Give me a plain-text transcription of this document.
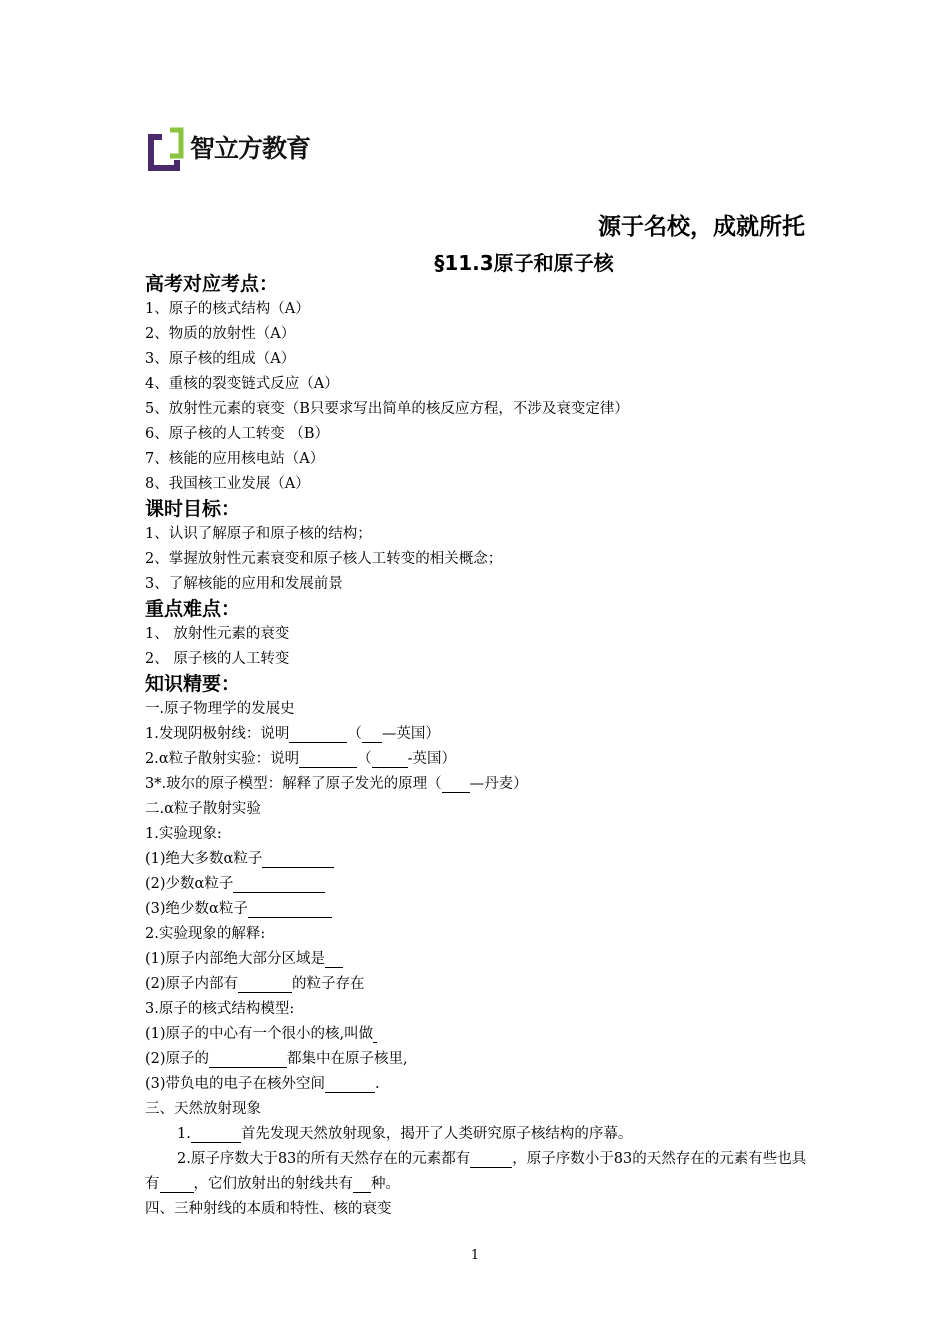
智立方教育
源于名校，成就所托
§11.3原子和原子核
高考对应考点：
1、原子的核式结构（A）
2、物质的放射性（A）
3、原子核的组成（A）
4、重核的裂变链式反应（A）
5、放射性元素的衰变（B只要求写出简单的核反应方程，不涉及衰变定律）
6、原子核的人工转变 （B）
7、核能的应用核电站（A）
8、我国核工业发展（A）
课时目标：
1、认识了解原子和原子核的结构；
2、掌握放射性元素衰变和原子核人工转变的相关概念；
3、了解核能的应用和发展前景
重点难点：
1、 放射性元素的衰变
2、 原子核的人工转变
知识精要：
一.原子物理学的发展史
1.发现阴极射线：说明	（ —英国）
2.α粒子散射实验：说明	（ -英国）
3*.玻尔的原子模型：解释了原子发光的原理（ —丹麦）
二.α粒子散射实验
1.实验现象:
(1)绝大多数α粒子
(2)少数α粒子
(3)绝少数α粒子
2.实验现象的解释:
(1)原子内部绝大部分区域是
(2)原子内部有	的粒子存在
3.原子的核式结构模型:
(1)原子的中心有一个很小的核,叫做
(2)原子的	都集中在原子核里,
(3)带负电的电子在核外空间	.
三、天然放射现象
1.	首先发现天然放射现象，揭开了人类研究原子核结构的序幕。
2.原子序数大于83的所有天然存在的元素都有	，原子序数小于83的天然存在的元素有些也具有 ，它们放射出的射线共有 种。
四、三种射线的本质和特性、核的衰变
1
